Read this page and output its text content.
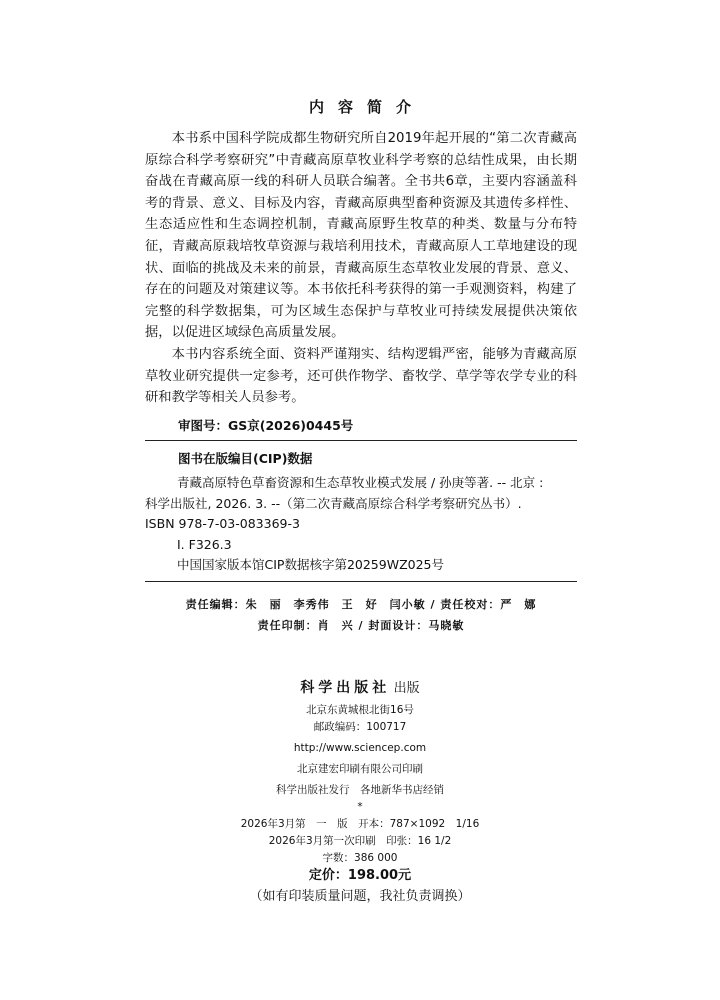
内容简介

本书系中国科学院成都生物研究所自2019年起开展的“第二次青藏高原综合科学考察研究”中青藏高原草牧业科学考察的总结性成果，由长期奋战在青藏高原一线的科研人员联合编著。全书共6章，主要内容涵盖科考的背景、意义、目标及内容，青藏高原典型畜种资源及其遗传多样性、生态适应性和生态调控机制，青藏高原野生牧草的种类、数量与分布特征，青藏高原栽培牧草资源与栽培利用技术，青藏高原人工草地建设的现状、面临的挑战及未来的前景，青藏高原生态草牧业发展的背景、意义、存在的问题及对策建议等。本书依托科考获得的第一手观测资料，构建了完整的科学数据集，可为区域生态保护与草牧业可持续发展提供决策依据，以促进区域绿色高质量发展。

本书内容系统全面、资料严谨翔实、结构逻辑严密，能够为青藏高原草牧业研究提供一定参考，还可供作物学、畜牧学、草学等农学专业的科研和教学等相关人员参考。

审图号：GS京(2026)0445号
图书在版编目(CIP)数据
青藏高原特色草畜资源和生态草牧业模式发展 / 孙庚等著. -- 北京 :
科学出版社, 2026. 3. --（第二次青藏高原综合科学考察研究丛书）.
ISBN 978-7-03-083369-3
Ⅰ. F326.3
中国国家版本馆CIP数据核字第20259WZ025号
责任编辑：朱　丽　李秀伟　王　好　闫小敏 / 责任校对：严　娜
责任印制：肖　兴 / 封面设计：马晓敏
科学出版社 出版
北京东黄城根北街16号
邮政编码：100717
http://www.sciencep.com
北京建宏印刷有限公司印刷
科学出版社发行　各地新华书店经销
*
2026年3月第　一　版　开本：787×1092　1/16
2026年3月第一次印刷　印张：16 1/2
字数：386 000
定价：198.00元
（如有印装质量问题，我社负责调换）
